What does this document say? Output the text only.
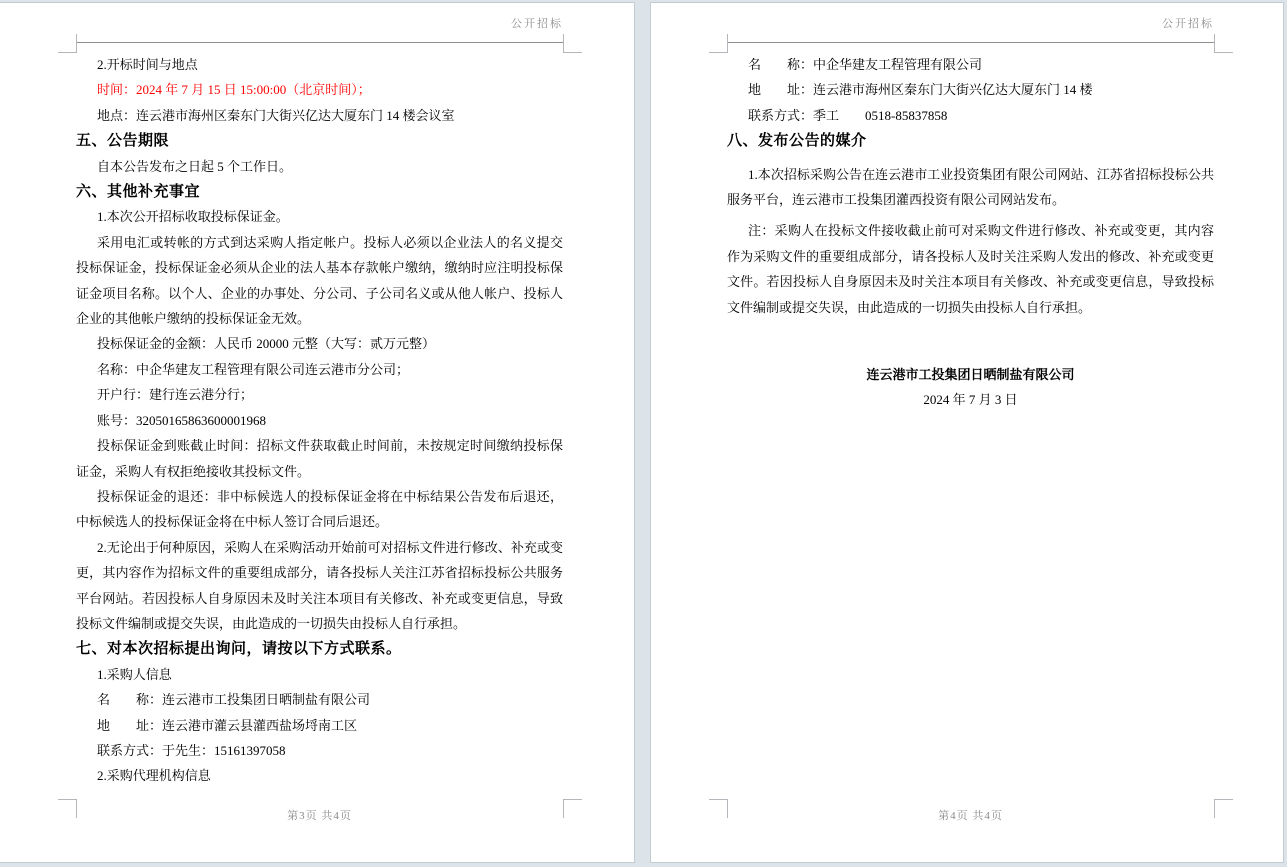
公开招标

2.开标时间与地点

时间：2024 年 7 月 15 日 15:00:00（北京时间）；

地点：连云港市海州区秦东门大街兴亿达大厦东门 14 楼会议室

五、公告期限

自本公告发布之日起 5 个工作日。

六、其他补充事宜

1.本次公开招标收取投标保证金。

采用电汇或转帐的方式到达采购人指定帐户。投标人必须以企业法人的名义提交投标保证金，投标保证金必须从企业的法人基本存款帐户缴纳，缴纳时应注明投标保证金项目名称。以个人、企业的办事处、分公司、子公司名义或从他人帐户、投标人企业的其他帐户缴纳的投标保证金无效。

投标保证金的金额：人民币 20000 元整（大写：贰万元整）

名称：中企华建友工程管理有限公司连云港市分公司；

开户行：建行连云港分行；

账号：32050165863600001968

投标保证金到账截止时间：招标文件获取截止时间前，未按规定时间缴纳投标保证金，采购人有权拒绝接收其投标文件。

投标保证金的退还：非中标候选人的投标保证金将在中标结果公告发布后退还，中标候选人的投标保证金将在中标人签订合同后退还。

2.无论出于何种原因，采购人在采购活动开始前可对招标文件进行修改、补充或变更，其内容作为招标文件的重要组成部分，请各投标人关注江苏省招标投标公共服务平台网站。若因投标人自身原因未及时关注本项目有关修改、补充或变更信息，导致投标文件编制或提交失误，由此造成的一切损失由投标人自行承担。

七、对本次招标提出询问，请按以下方式联系。

1.采购人信息

名　　称：连云港市工投集团日晒制盐有限公司

地　　址：连云港市灌云县灌西盐场埒南工区

联系方式：于先生：15161397058

2.采购代理机构信息

第3页 共4页
公开招标

名　　称：中企华建友工程管理有限公司

地　　址：连云港市海州区秦东门大街兴亿达大厦东门 14 楼

联系方式：季工　　0518-85837858

八、发布公告的媒介

1.本次招标采购公告在连云港市工业投资集团有限公司网站、江苏省招标投标公共服务平台，连云港市工投集团灌西投资有限公司网站发布。

注：采购人在投标文件接收截止前可对采购文件进行修改、补充或变更，其内容作为采购文件的重要组成部分，请各投标人及时关注采购人发出的修改、补充或变更文件。若因投标人自身原因未及时关注本项目有关修改、补充或变更信息，导致投标文件编制或提交失误，由此造成的一切损失由投标人自行承担。

连云港市工投集团日晒制盐有限公司

2024 年 7 月 3 日

第4页 共4页
